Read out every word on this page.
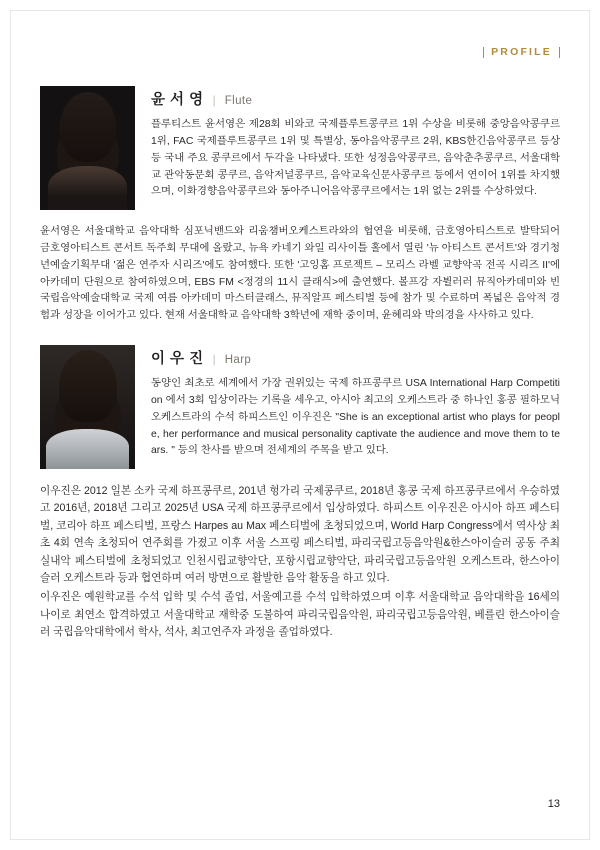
PROFILE
윤 서 영 | Flute

플루티스트 윤서영은 제28회 비와코 국제플루트콩쿠르 1위 수상을 비롯해 중앙음악콩쿠르 1위, FAC 국제플루트콩쿠르 1위 및 특별상, 동아음악콩쿠르 2위, KBS한긴음악콩쿠르 등상 등 국내 주요 콩쿠르에서 두각을 나타냈다. 또한 성정음악콩쿠르, 음악춘추콩쿠르, 서울대학교 관악동문회 콩쿠르, 음악저널콩쿠르, 음악교육신문사콩쿠르 등에서 연이어 1위를 차지했으며, 이화경향음악콩쿠르와 동아주니어음악콩쿠르에서는 1위 없는 2위를 수상하였다.

윤서영은 서울대학교 음악대학 심포닉밴드와 리움챔버오케스트라와의 협연을 비롯해, 금호영아티스트로 발탁되어 금호영아티스트 콘서트 독주회 무대에 올랐고, 뉴욕 카네기 와일 리사이틀 홀에서 열린 '뉴 아티스트 콘서트'와 경기청년예술기획무대 '젊은 연주자 시리즈'에도 참여했다. 또한 '고잉홈 프로젝트 – 모리스 라벨 교향악곡 전곡 시리즈 II'에 아카데미 단원으로 참여하였으며, EBS FM <정경의 11시 클래식>에 출연했다. 볼프강 자뷜러러 뮤직아카데미와 빈 국립음악예술대학교 국제 여름 아카데미 마스터클래스, 뮤직알프 페스티벌 등에 참가 및 수료하며 폭넓은 음악적 경험과 성장을 이어가고 있다. 현재 서울대학교 음악대학 3학년에 재학 중이며, 윤혜리와 박의경을 사사하고 있다.

이 우 진 | Harp

동양인 최초로 세계에서 가장 권위있는 국제 하프콩쿠르 USA International Harp Competition 에서 3회 입상이라는 기록을 세우고, 아시아 최고의 오케스트라 중 하나인 홍콩 필하모닉 오케스트라의 수석 하피스트인 이우진은 "She is an exceptional artist who plays for people, her performance and musical personality captivate the audience and move them to tears. " 등의 찬사를 받으며 전세계의 주목을 받고 있다.

이우진은 2012 일본 소카 국제 하프콩쿠르, 201년 헝가리 국제콩쿠르, 2018년 홍콩 국제 하프콩쿠르에서 우승하였고 2016년, 2018년 그리고 2025년 USA 국제 하프콩쿠르에서 입상하였다. 하피스트 이우진은 아시아 하프 페스티벌, 코리아 하프 페스티벌, 프랑스 Harpes au Max 페스티벌에 초청되었으며, World Harp Congress에서 역사상 최초 4회 연속 초청되어 연주회를 가졌고 이후 서울 스프링 페스티벌, 파리국립고등음악원&한스아이슬러 공동 주최 실내악 페스티벌에 초청되었고 인천시립교향악단, 포항시립교향악단, 파리국립고등음악원 오케스트라, 한스아이슬러 오케스트라 등과 협연하며 여러 방면으로 활발한 음악 활동을 하고 있다.

이우진은 예원학교를 수석 입학 및 수석 졸업, 서울예고를 수석 입학하였으며 이후 서울대학교 음악대학을 16세의 나이로 최연소 합격하였고 서울대학교 재학중 도불하여 파리국립음악원, 파리국립고등음악원, 베를린 한스아이슬러 국립음악대학에서 학사, 석사, 최고연주자 과정을 졸업하였다.

13
